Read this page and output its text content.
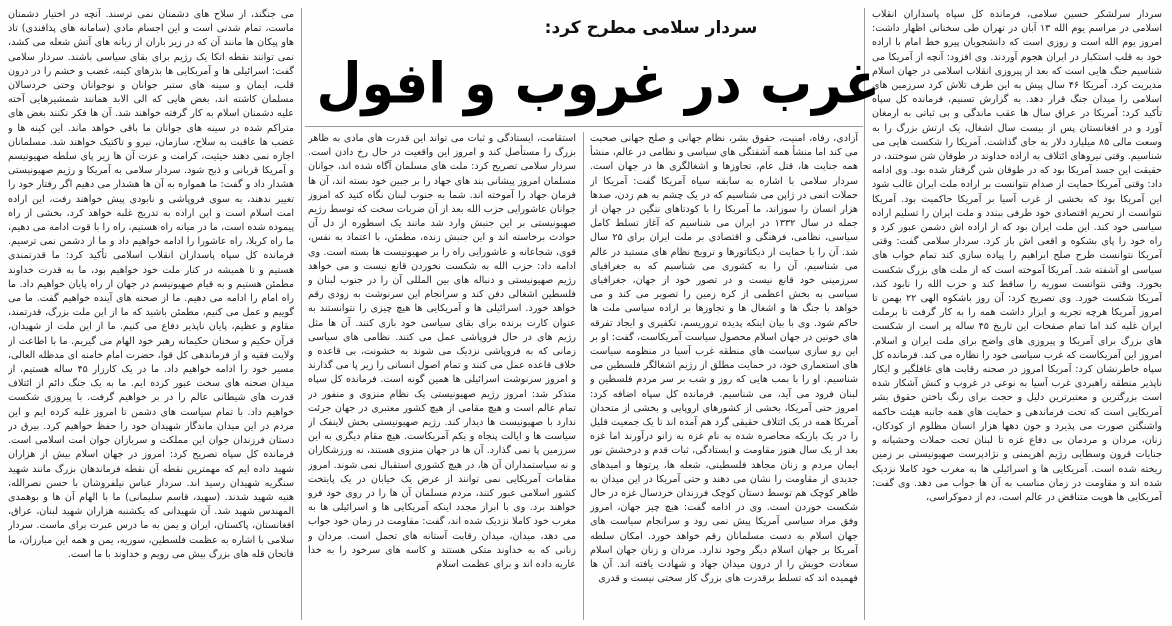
سردار سرلشکر حسین سلامی، فرمانده کل سپاه پاسداران انقلاب اسلامی در مراسم یوم الله ۱۳ آبان در تهران طی سخنانی اظهار داشت: امروز یوم الله است و روزی است که دانشجویان پیرو خط امام با اراده خود به قلب استکبار در ایران هجوم آوردند. وی افزود: آنچه از آمریکا می شناسیم جنگ هایی است که بعد از پیروزی انقلاب اسلامی در جهان اسلام مدیریت کرد. آمریکا ۴۶ سال پیش به این طرف تلاش کرد سرزمین های اسلامی را میدان جنگ قرار دهد. به گزارش تسنیم، فرمانده کل سپاه تأکید کرد: آمریکا در عراق سال ها عقب ماندگی و بی ثباتی به ارمغان آورد و در افغانستان پس از بیست سال اشغال، یک ارتش بزرگ را به وسعت مالی ۸۵ میلیارد دلار به جای گذاشت. آمریکا را شکست هایی می شناسیم. وقتی نیروهای ائتلاف به اراده خداوند در طوفان شن سوختند، در حقیقت این جسد آمریکا بود که در طوفان شن گرفتار شده بود. وی ادامه داد: وقتی آمریکا حمایت از صدام نتوانست بر اراده ملت ایران غالب شود این آمریکا بود که بخشی از غرب آسیا بر آمریکا حاکمیت بود. آمریکا نتوانست از تحریم اقتصادی خود طرفی ببندد و ملت ایران را تسلیم اراده سیاسی خود کند. این ملت ایران بود که از اراده اش دشمن عبور کرد و راه خود را پای بشکوه و اقعی اش باز کرد. سردار سلامی گفت: وقتی آمریکا نتوانست طرح صلح ابراهیم را پیاده سازی کند تمام خواب های سیاسی او آشفته شد. آمریکا آموخته است که از ملت های بزرگ شکست بخورد. وقتی نتوانست سوریه را ساقط کند و حزب الله را نابود کند، آمریکا شکست خورد. وی تصریح کرد: آن روز باشکوه الهی ۲۲ بهمن تا امروز آمریکا هرچه تجربه و ابزار داشت همه را به کار گرفت تا برملت ایران غلبه کند اما تمام صفحات این تاریخ ۴۵ ساله پر است از شکست های بزرگ برای آمریکا و پیروزی های واضح برای ملت ایران و اسلام. امروز این آمریکاست که غرب سیاسی خود را نظاره می کند. فرمانده کل سپاه خاطرنشان کرد: آمریکا امروز در صحنه رقابت های غافلگیر و ایکار ناپذیر منطقه راهبردی غرب آسیا به نوعی در غروب و کنش آشکار شده است بزرگترین و معتبرترین دلیل و حجت برای رنگ باختن حقوق بشر آمریکایی است که تحت فرماندهی و حمایت های همه جانبه هیئت حاکمه واشنگتن صورت می پذیرد و خون دهها هزار انسان مظلوم از کودکان، زنان، مردان و مردمان بی دفاع غزه تا لبنان تحت حملات وحشیانه و جنایات قرون وسطایی رژیم اهریمنی و نژادپرست صهیونیستی بر زمین ریخته شده است. آمریکایی ها و اسرائیلی ها به مغرب خود کاملا نزدیک شده اند و مقاومت در زمان مناسب به آن ها جواب می دهد. وی گفت: آمریکایی ها هویت متناقض در عالم است، دم از دموکراسی،

سردار سلامی مطرح کرد:
غرب در غروب و افول

آزادی، رفاه، امنیت، حقوق بشر، نظام جهانی و صلح جهانی صحبت می کند اما منشأ همه آشفتگی های سیاسی و نظامی در عالم، منشأ همه جنایت ها، قتل عام، تجاوزها و اشغالگری ها در جهان است. سردار سلامی با اشاره به سابقه سیاه آمریکا گفت: آمریکا از حملات اتمی در ژاپن می شناسیم که در یک چشم به هم زدن، صدها هزار انسان را سوزاند، ما آمریکا را با کودتاهای ننگین در جهان از جمله در سال ۱۳۳۲ در ایران می شناسیم که آغاز تسلط کامل سیاسی، نظامی، فرهنگی و اقتصادی بر ملت ایران برای ۲۵ سال شد. آن را با حمایت از دیکتاتورها و ترویج نظام های مستبد در عالم می شناسیم. آن را به کشوری می شناسیم که به جغرافیای سرزمینی خود قانع نیست و در تصور خود از جهان، جغرافیای سیاسی به بخش اعظمی از کره زمین را تصویر می کند و می خواهد با جنگ ها و اشغال ها و تجاوزها بر اراده سیاسی ملت ها حاکم شود. وی با بیان اینکه پدیده تروریسم، تکفیری و ایجاد تفرقه های خونین در جهان اسلام محصول سیاست آمریکاست، گفت: او بر این رو سازی سیاست های منطقه غرب آسیا در منظومه سیاست های استعماری خود، در حمایت مطلق از رژیم اشغالگر فلسطین می شناسیم. او را با بمب هایی که روز و شب بر سر مردم فلسطین و لبنان فرود می آید، می شناسیم. فرمانده کل سپاه اضافه کرد: امروز حتی آمریکا، بخشی از کشورهای اروپایی و بخشی از متحدان آمریکا همه در یک ائتلاف حقیقی گرد هم آمده اند تا یک جمعیت قلیل را در یک باریکه محاصره شده به نام غزه به زانو درآورند اما غزه بعد از یک سال هنوز مقاومت و ایستادگی، ثبات قدم و درخشش نور ایمان مردم و زنان مجاهد فلسطینی، شعله ها، پرتوها و امیدهای جدیدی از مقاومت را نشان می دهند و حتی آمریکا در این میدان به ظاهر کوچک هم توسط دستان کوچک فرزندان خردسال غزه در حال شکست خوردن است. وی در ادامه گفت: هیچ چیز جهان، امروز وفق مراد سیاسی آمریکا پیش نمی رود و سرانجام سیاست های جهان اسلام به دست مسلمانان رقم خواهد خورد. امکان سلطه آمریکا بر جهان اسلام دیگر وجود ندارد. مردان و زنان جهان اسلام سعادت خویش را از درون میدان جهاد و شهادت یافته اند. آن ها فهمیده اند که تسلط برقدرت های بزرگ کار سختی نیست و قدری

استقامت، ایستادگی و ثبات می تواند این قدرت های مادی به ظاهر بزرگ را مستأصل کند و امروز این واقعیت در حال رخ دادن است. سردار سلامی تصریح کرد: ملت های مسلمان آگاه شده اند، جوانان مسلمان امروز پیشانی بند های جهاد را بر جبین خود بسته اند، آن ها فرمان جهاد را آموخته اند. شما به جنوب لبنان نگاه کنید که امروز جوانان عاشورایی حزب الله بعد از آن ضربات سخت که توسط رژیم صهیونیستی بر این جنبش وارد شد مانند یک اسطوره از دل آن حوادث برخاسته اند و این جنبش زنده، مطمئن، با اعتماد به نفس، قوی، شجاعانه و عاشورایی راه را بر صهیونیست ها بسته است. وی ادامه داد: حزب الله به شکست نخوردن قانع نیست و می خواهد رژیم صهیونیستی و دنباله های بین المللی آن را در جنوب لبنان و فلسطین اشغالی دفن کند و سرانجام این سرنوشت به زودی رقم خواهد خورد. اسرائیلی ها و آمریکایی ها هیچ چیزی را نتوانستند به عنوان کارت برنده برای بقای سیاسی خود بازی کنند. آن ها مثل رژیم های در حال فروپاشی عمل می کنند. نظامی های سیاسی زمانی که به فروپاشی نزدیک می شوند به خشونت، بی قاعده و خلاف قاعده عمل می کنند و تمام اصول انسانی را زیر پا می گذارند و امروز سرنوشت اسرائیلی ها همین گونه است. فرمانده کل سپاه متذکر شد: امروز رژیم صهیونیستی یک نظام منزوی و منفور در تمام عالم است و هیچ مقامی از هیچ کشور معتبری در جهان جرئت ندارد با صهیونیست ها دیدار کند. رژیم صهیونیستی بخش لاینفک از سیاست ها و ایالت پنجاه و یکم آمریکاست. هیچ مقام دیگری به این سرزمین پا نمی گذارد. آن ها در جهان منزوی هستند، نه ورزشکاران و نه سیاستمداران آن ها، در هیچ کشوری استقبال نمی شوند. امروز مقامات آمریکایی نمی توانند از عرض یک خیابان در یک پایتخت کشور اسلامی عبور کنند، مردم مسلمان آن ها را در روی خود فرو خواهند برد. وی با ابراز مجدد اینکه آمریکایی ها و اسرائیلی ها به مغرب خود کاملا نزدیک شده اند، گفت: مقاومت در زمان خود جواب می دهد، میدان، میدان رقابت آستانه های تحمل است. مردان و زنانی که به خداوند متکی هستند و کاسه های سرخود را به خدا عاریه داده اند و برای عظمت اسلام

می جنگند، از سلاح های دشمنان نمی ترسند. آنچه در اختیار دشمنان ماست، تمام شدنی است و این اجسام مادی (سامانه های پدافندی) تاد هاو پیکان ها مانند آن که در زیر باران از زبانه های آتش شعله می کشد، نمی توانند نقطه اتکا یک رژیم برای بقای سیاسی باشند. سردار سلامی گفت: اسرائیلی ها و آمریکایی ها بذرهای کینه، غضب و خشم را در درون قلب، ایمان و سینه های ستبر جوانان و نوجوانان وحتی خردسالان مسلمان کاشته اند، بغض هایی که الی الابد همانند شمشیرهایی آخته علیه دشمنان اسلام به کار گرفته خواهند شد. آن ها فکر نکنند بغض های متراکم شده در سینه های جوانان ما باقی خواهد ماند. این کینه ها و غضب ها عاقبت به سلاح، سازمان، نیرو و تاکتیک خواهند شد. مسلمانان اجازه نمی دهند حیثیت، کرامت و عزت آن ها زیر پای سلطه صهیونیسم و آمریکا قربانی و ذبح شود. سردار سلامی به آمریکا و رژیم صهیونیستی هشدار داد و گفت: ما همواره به آن ها هشدار می دهیم اگر رفتار خود را تغییر ندهند، به سوی فروپاشی و نابودی پیش خواهند رفت، این اراده امت اسلام است و این اراده به تدریج غلبه خواهد کرد، بخشی از راه پیموده شده است، ما در میانه راه هستیم، راه را با قوت ادامه می دهیم، ما راه کربلا، راه عاشورا را ادامه خواهیم داد و ما از دشمن نمی ترسیم. فرمانده کل سپاه پاسداران انقلاب اسلامی تأکید کرد: ما قدرتمندی هستیم و تا همیشه در کنار ملت خود خواهیم بود، ما به قدرت خداوند مطمئن هستیم و به قیام صهیونیسم در جهان از راه پایان خواهیم داد. ما راه امام را ادامه می دهیم. ما از صحنه های آینده خواهیم گفت. ما می گوییم و عمل می کنیم، مطمئن باشید که ما از این ملت بزرگ، قدرتمند، مقاوم و عظیم، پایان ناپذیر دفاع می کنیم. ما از این ملت از شهیدان، قرآن حکیم و سخنان حکیمانه رهبر خود الهام می گیریم. ما با اطاعت از ولایت فقیه و از فرماندهی کل قوا، حضرت امام خامنه ای مدظله العالی، مسیر خود را ادامه خواهیم داد. ما در یک کارزار ۴۵ ساله هستیم، از میدان صحنه های سخت عبور کرده ایم. ما به یک جنگ دائم از ائتلاف قدرت های شیطانی عالم را در بر خواهیم گرفت. با پیروزی شکست خواهیم داد. با تمام سیاست های دشمن تا امروز غلبه کرده ایم و این مردم در این میدان ماندگار شهیدان خود را حفظ خواهیم کرد. بیرق در دستان فرزندان جوان این مملکت و سربازان جوان امت اسلامی است. فرمانده کل سپاه تصریح کرد: امروز در جهان اسلام بیش از هزاران شهید داده ایم که مهمترین نقطه آن نقطه فرماندهان بزرگ مانند شهید سنگریه شهیدان رسید اند. سردار عباس نیلفروشان با حسن نصرالله، هنیه شهید شدند. (سهید، قاسم سلیمانی) ما با الهام آن ها و بوهمدی المهندس شهید شد. آن شهیدانی که یکشنبه هزاران شهید لبنان، عراق، افغانستان، پاکستان، ایران و یمن به ما درس عبرت برای ماست. سردار سلامی با اشاره به عظمت فلسطین، سوریه، یمن و همه این مبارزان، ما فاتحان قله های بزرگ بیش می رویم و خداوند با ما است.
